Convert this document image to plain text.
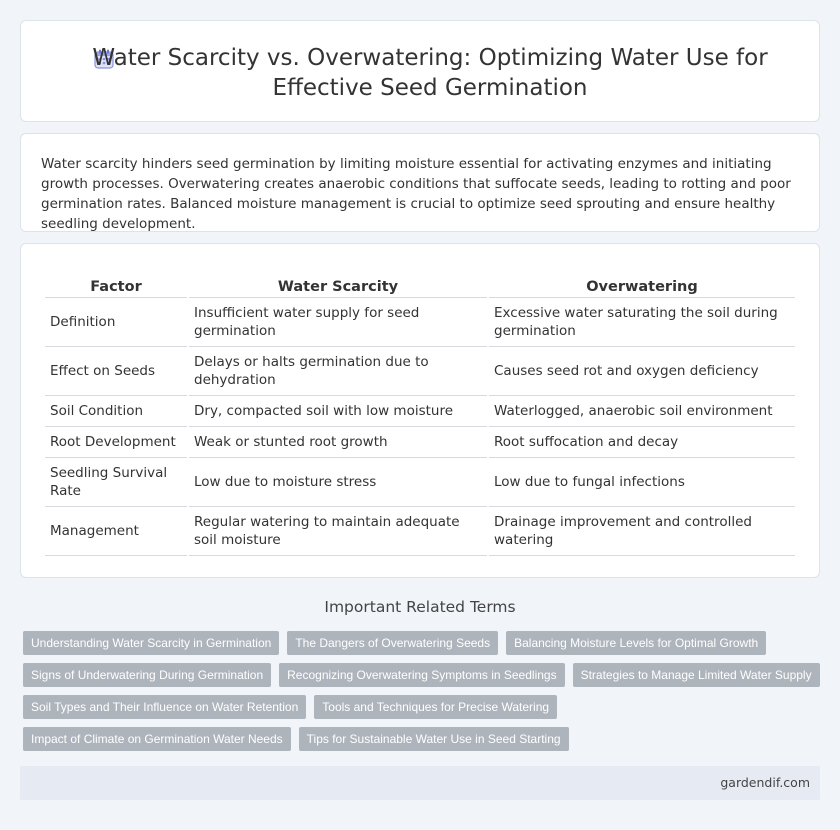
Water Scarcity vs. Overwatering: Optimizing Water Use for
Effective Seed Germination

Water scarcity hinders seed germination by limiting moisture essential for activating enzymes and initiating growth processes. Overwatering creates anaerobic conditions that suffocate seeds, leading to rotting and poor germination rates. Balanced moisture management is crucial to optimize seed sprouting and ensure healthy seedling development.

Factor	Water Scarcity	Overwatering
Definition	Insufficient water supply for seed germination	Excessive water saturating the soil during germination
Effect on Seeds	Delays or halts germination due to dehydration	Causes seed rot and oxygen deficiency
Soil Condition	Dry, compacted soil with low moisture	Waterlogged, anaerobic soil environment
Root Development	Weak or stunted root growth	Root suffocation and decay
Seedling Survival Rate	Low due to moisture stress	Low due to fungal infections
Management	Regular watering to maintain adequate soil moisture	Drainage improvement and controlled watering
Important Related Terms
Understanding Water Scarcity in Germination	The Dangers of Overwatering Seeds	Balancing Moisture Levels for Optimal Growth
Signs of Underwatering During Germination	Recognizing Overwatering Symptoms in Seedlings	Strategies to Manage Limited Water Supply
Soil Types and Their Influence on Water Retention	Tools and Techniques for Precise Watering
Impact of Climate on Germination Water Needs	Tips for Sustainable Water Use in Seed Starting
gardendif.com
